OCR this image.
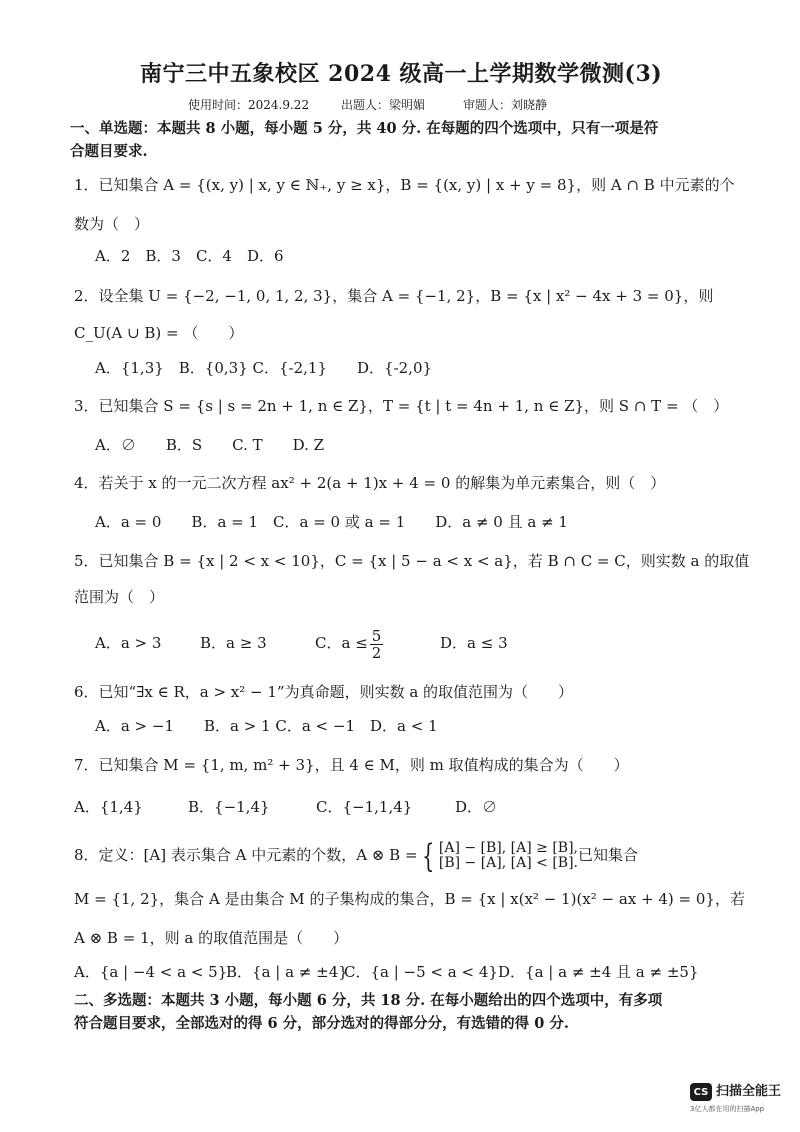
南宁三中五象校区 2024 级高一上学期数学微测(3)
使用时间：2024.9.22	出题人：梁明媚	审题人：刘晓静
一、单选题：本题共 8 小题，每小题 5 分，共 40 分. 在每题的四个选项中，只有一项是符
合题目要求.
1．已知集合 A = {(x, y) | x, y ∈ ℕ₊, y ≥ x}，B = {(x, y) | x + y = 8}，则 A ∩ B 中元素的个
数为（　）
A．2　B．3　C．4　D．6
2．设全集 U = {−2, −1, 0, 1, 2, 3}，集合 A = {−1, 2}，B = {x | x² − 4x + 3 = 0}，则
C_U(A ∪ B) = （　　）
A．{1,3}　B．{0,3} C．{-2,1}　　D．{-2,0}
3．已知集合 S = {s | s = 2n + 1, n ∈ Z}，T = {t | t = 4n + 1, n ∈ Z}，则 S ∩ T = （　）
A．∅　　B．S　　C. T　　D. Z
4．若关于 x 的一元二次方程 ax² + 2(a + 1)x + 4 = 0 的解集为单元素集合，则（　）
A．a = 0　　B．a = 1　C．a = 0 或 a = 1　　D．a ≠ 0 且 a ≠ 1
5．已知集合 B = {x | 2 < x < 10}，C = {x | 5 − a < x < a}，若 B ∩ C = C，则实数 a 的取值
范围为（　）
A．a > 3	B．a ≥ 3	C．$a \le \frac{5}{2}$	D．a ≤ 3
6．已知“∃x ∈ R，a > x² − 1”为真命题，则实数 a 的取值范围为（　　）
A．a > −1　　B．a > 1 C．a < −1　D．a < 1
7．已知集合 M = {1, m, m² + 3}，且 4 ∈ M，则 m 取值构成的集合为（　　）
A．{1,4}	B．{−1,4}	C．{−1,1,4}	D．∅
8．定义：[A] 表示集合 A 中元素的个数，A ⊗ B = { [A] − [B], [A] ≥ [B],
[B] − [A], [A] < [B]. 已知集合
M = {1, 2}，集合 A 是由集合 M 的子集构成的集合，B = {x | x(x² − 1)(x² − ax + 4) = 0}，若
A ⊗ B = 1，则 a 的取值范围是（　　）
A．{a | −4 < a < 5}
B．{a | a ≠ ±4}
C．{a | −5 < a < 4} D．{a | a ≠ ±4 且 a ≠ ±5}
二、多选题：本题共 3 小题，每小题 6 分，共 18 分. 在每小题给出的四个选项中，有多项
符合题目要求，全部选对的得 6 分，部分选对的得部分分，有选错的得 0 分.
CS 扫描全能王
3亿人都在用的扫描App
